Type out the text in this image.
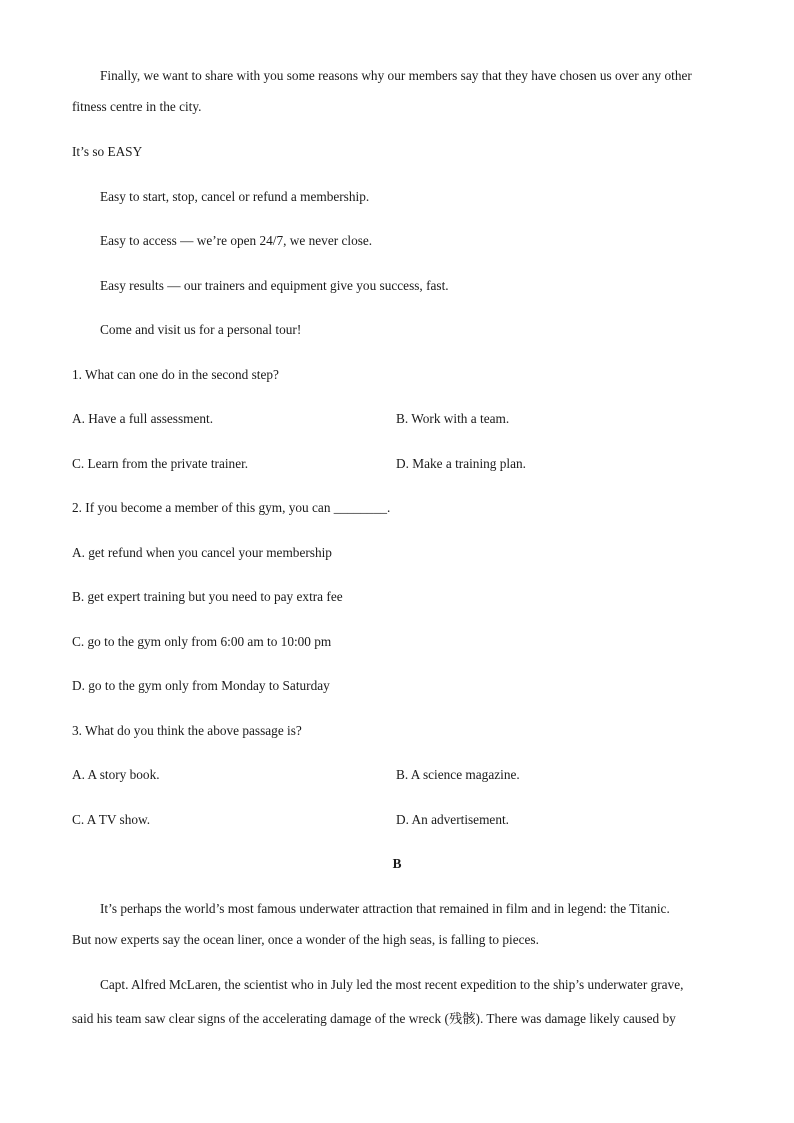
Finally, we want to share with you some reasons why our members say that they have chosen us over any other
fitness centre in the city.
It’s so EASY
Easy to start, stop, cancel or refund a membership.
Easy to access — we’re open 24/7, we never close.
Easy results — our trainers and equipment give you success, fast.
Come and visit us for a personal tour!
1. What can one do in the second step?
A. Have a full assessment.	B. Work with a team.
C. Learn from the private trainer.	D. Make a training plan.
2. If you become a member of this gym, you can ________.
A. get refund when you cancel your membership
B. get expert training but you need to pay extra fee
C. go to the gym only from 6:00 am to 10:00 pm
D. go to the gym only from Monday to Saturday
3. What do you think the above passage is?
A. A story book.	B. A science magazine.
C. A TV show.	D. An advertisement.
B
It’s perhaps the world’s most famous underwater attraction that remained in film and in legend: the Titanic.
But now experts say the ocean liner, once a wonder of the high seas, is falling to pieces.
Capt. Alfred McLaren, the scientist who in July led the most recent expedition to the ship’s underwater grave,
said his team saw clear signs of the accelerating damage of the wreck (残骸). There was damage likely caused by
